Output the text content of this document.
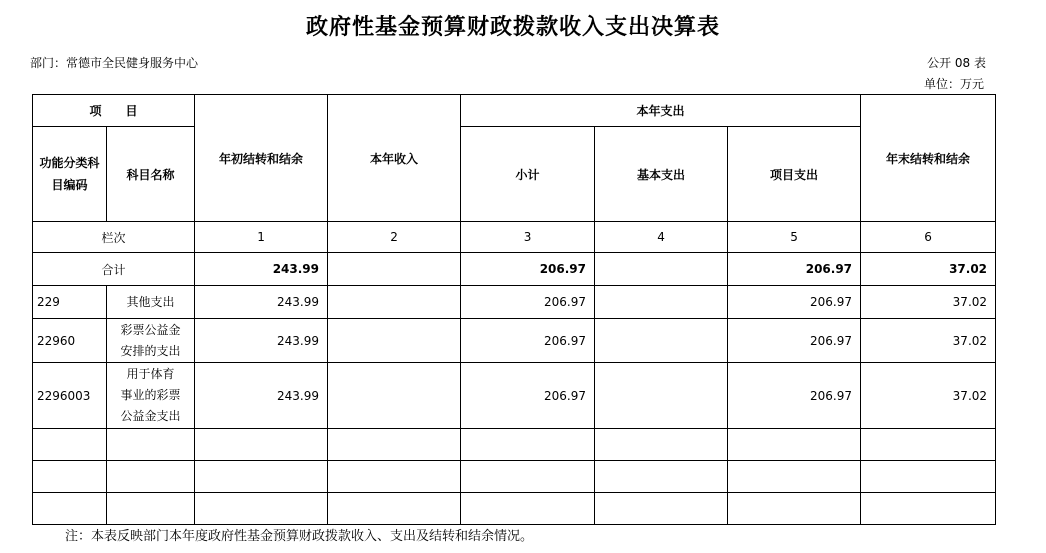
政府性基金预算财政拨款收入支出决算表
部门：常德市全民健身服务中心	公开 08 表
单位：万元
项　　目		年初结转和结余	本年收入	本年支出			年末结转和结余
功能分类科目编码	科目名称			小计	基本支出	项目支出	
栏次		1	2	3	4	5	6
合计		243.99		206.97		206.97	37.02
229	其他支出	243.99		206.97		206.97	37.02
22960	彩票公益金
安排的支出	243.99		206.97		206.97	37.02
2296003	用于体育
事业的彩票
公益金支出	243.99		206.97		206.97	37.02

注：本表反映部门本年度政府性基金预算财政拨款收入、支出及结转和结余情况。
